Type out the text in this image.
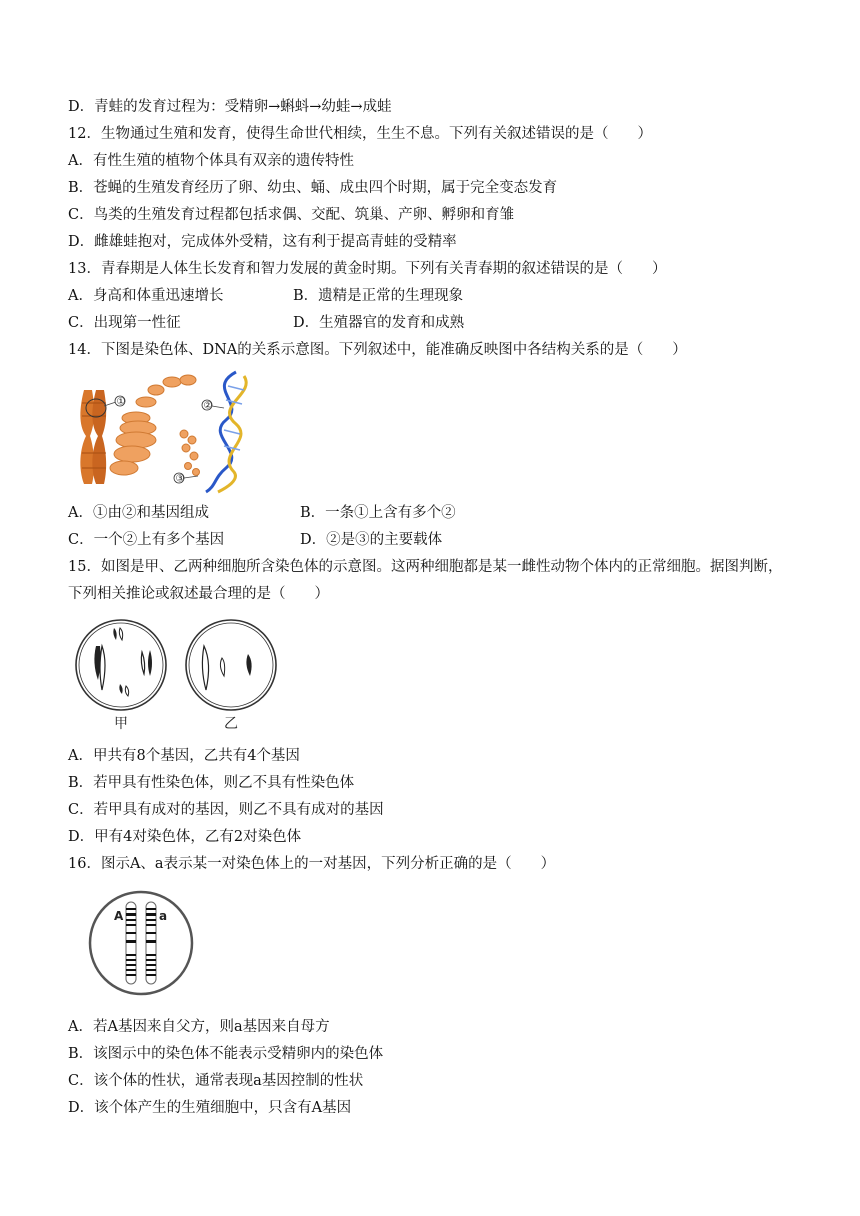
D．青蛙的发育过程为：受精卵→蝌蚪→幼蛙→成蛙
12．生物通过生殖和发育，使得生命世代相续，生生不息。下列有关叙述错误的是（　　）
A．有性生殖的植物个体具有双亲的遗传特性
B．苍蝇的生殖发育经历了卵、幼虫、蛹、成虫四个时期，属于完全变态发育
C．鸟类的生殖发育过程都包括求偶、交配、筑巢、产卵、孵卵和育雏
D．雌雄蛙抱对，完成体外受精，这有利于提高青蛙的受精率
13．青春期是人体生长发育和智力发展的黄金时期。下列有关青春期的叙述错误的是（　　）
A．身高和体重迅速增长	B．遗精是正常的生理现象
C．出现第一性征	D．生殖器官的发育和成熟
14．下图是染色体、DNA的关系示意图。下列叙述中，能准确反映图中各结构关系的是（　　）
①	②
③
A．①由②和基因组成	B．一条①上含有多个②
C．一个②上有多个基因	D．②是③的主要载体
15．如图是甲、乙两种细胞所含染色体的示意图。这两种细胞都是某一雌性动物个体内的正常细胞。据图判断，
下列相关推论或叙述最合理的是（　　）
甲	乙
A．甲共有8个基因，乙共有4个基因
B．若甲具有性染色体，则乙不具有性染色体
C．若甲具有成对的基因，则乙不具有成对的基因
D．甲有4对染色体，乙有2对染色体
16．图示A、a表示某一对染色体上的一对基因，下列分析正确的是（　　）
A	a
A．若A基因来自父方，则a基因来自母方
B．该图示中的染色体不能表示受精卵内的染色体
C．该个体的性状，通常表现a基因控制的性状
D．该个体产生的生殖细胞中，只含有A基因
